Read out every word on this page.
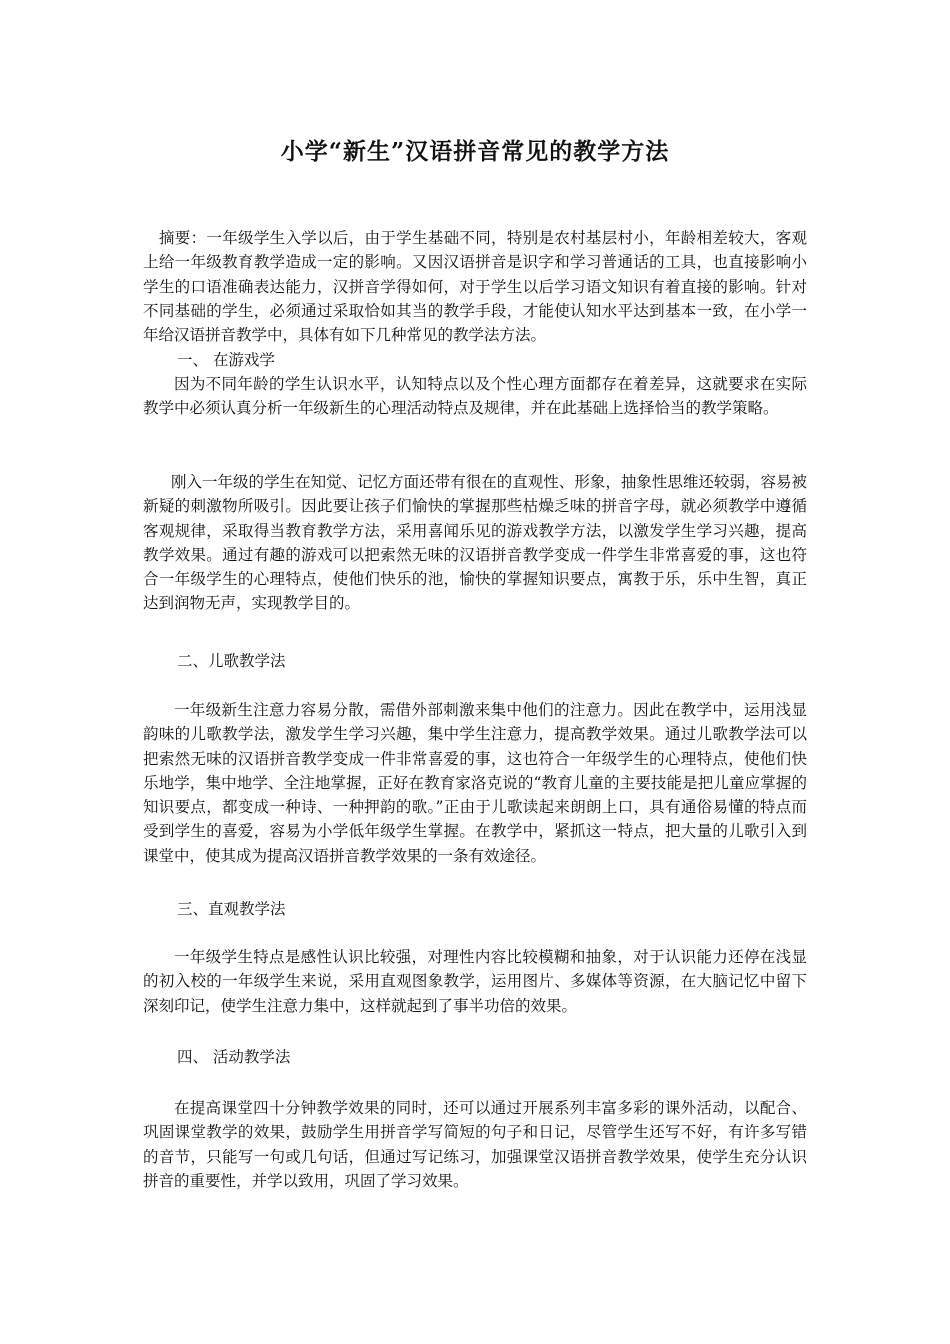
小学“新生”汉语拼音常见的教学方法

摘要：一年级学生入学以后，由于学生基础不同，特别是农村基层村小，年龄相差较大，客观上给一年级教育教学造成一定的影响。又因汉语拼音是识字和学习普通话的工具，也直接影响小学生的口语准确表达能力，汉拼音学得如何，对于学生以后学习语文知识有着直接的影响。针对不同基础的学生，必须通过采取恰如其当的教学手段，才能使认知水平达到基本一致，在小学一年给汉语拼音教学中，具体有如下几种常见的教学法方法。

一、 在游戏学

因为不同年龄的学生认识水平，认知特点以及个性心理方面都存在着差异，这就要求在实际教学中必须认真分析一年级新生的心理活动特点及规律，并在此基础上选择恰当的教学策略。

刚入一年级的学生在知觉、记忆方面还带有很在的直观性、形象，抽象性思维还较弱，容易被新疑的刺激物所吸引。因此要让孩子们愉快的掌握那些枯燥乏味的拼音字母，就必须教学中遵循客观规律，采取得当教育教学方法，采用喜闻乐见的游戏教学方法，以激发学生学习兴趣，提高教学效果。通过有趣的游戏可以把索然无味的汉语拼音教学变成一件学生非常喜爱的事，这也符合一年级学生的心理特点，使他们快乐的池，愉快的掌握知识要点，寓教于乐，乐中生智，真正达到润物无声，实现教学目的。

二、儿歌教学法

一年级新生注意力容易分散，需借外部刺激来集中他们的注意力。因此在教学中，运用浅显韵味的儿歌教学法，激发学生学习兴趣，集中学生注意力，提高教学效果。通过儿歌教学法可以把索然无味的汉语拼音教学变成一件非常喜爱的事，这也符合一年级学生的心理特点，使他们快乐地学，集中地学、全注地掌握，正好在教育家洛克说的“教育儿童的主要技能是把儿童应掌握的知识要点，都变成一种诗、一种押韵的歌。”正由于儿歌读起来朗朗上口，具有通俗易懂的特点而受到学生的喜爱，容易为小学低年级学生掌握。在教学中，紧抓这一特点，把大量的儿歌引入到课堂中，使其成为提高汉语拼音教学效果的一条有效途径。

三、直观教学法

一年级学生特点是感性认识比较强，对理性内容比较模糊和抽象，对于认识能力还停在浅显的初入校的一年级学生来说，采用直观图象教学，运用图片、多媒体等资源，在大脑记忆中留下深刻印记，使学生注意力集中，这样就起到了事半功倍的效果。

四、 活动教学法

在提高课堂四十分钟教学效果的同时，还可以通过开展系列丰富多彩的课外活动，以配合、巩固课堂教学的效果，鼓励学生用拼音学写简短的句子和日记，尽管学生还写不好，有许多写错的音节，只能写一句或几句话，但通过写记练习，加强课堂汉语拼音教学效果，使学生充分认识拼音的重要性，并学以致用，巩固了学习效果。
